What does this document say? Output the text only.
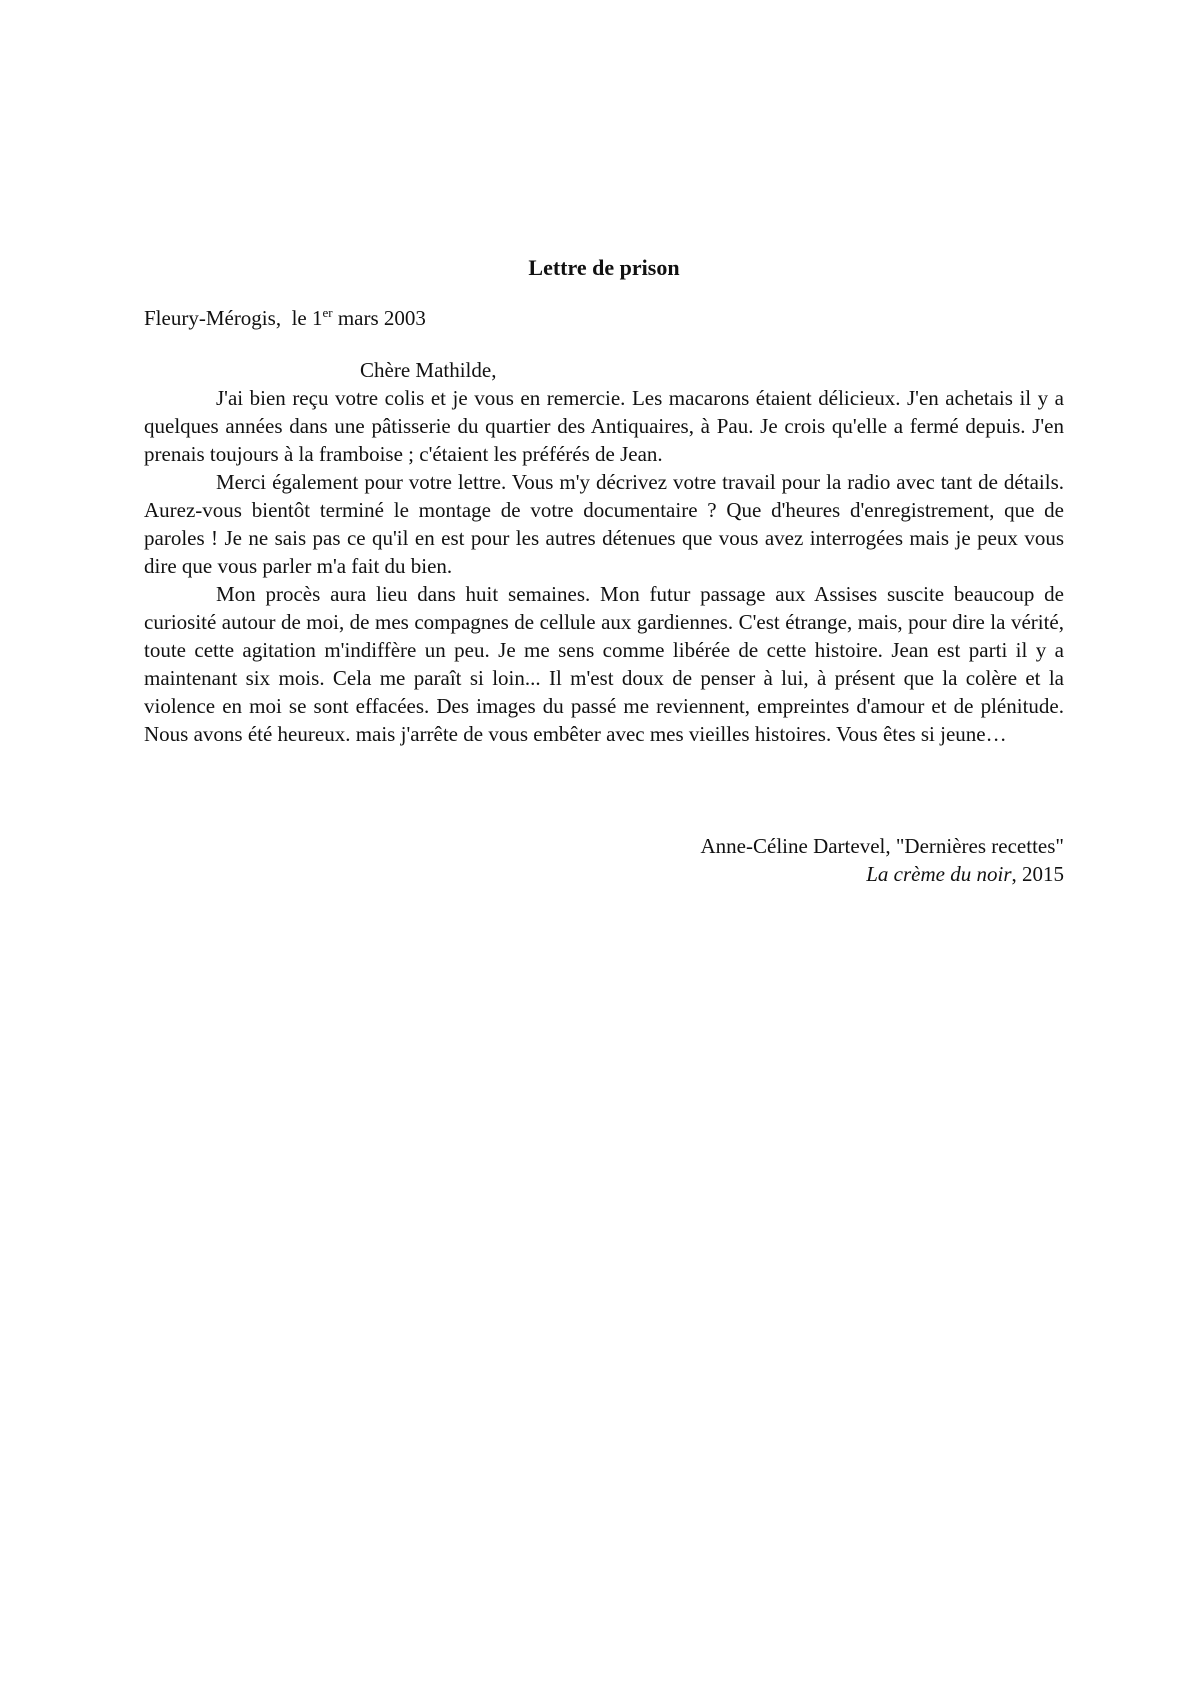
Lettre de prison
Fleury-Mérogis, le 1er mars 2003
Chère Mathilde,

J'ai bien reçu votre colis et je vous en remercie. Les macarons étaient délicieux. J'en achetais il y a quelques années dans une pâtisserie du quartier des Antiquaires, à Pau. Je crois qu'elle a fermé depuis. J'en prenais toujours à la framboise ; c'étaient les préférés de Jean.

Merci également pour votre lettre. Vous m'y décrivez votre travail pour la radio avec tant de détails. Aurez-vous bientôt terminé le montage de votre documentaire ? Que d'heures d'enregistrement, que de paroles ! Je ne sais pas ce qu'il en est pour les autres détenues que vous avez interrogées mais je peux vous dire que vous parler m'a fait du bien.

Mon procès aura lieu dans huit semaines. Mon futur passage aux Assises suscite beaucoup de curiosité autour de moi, de mes compagnes de cellule aux gardiennes. C'est étrange, mais, pour dire la vérité, toute cette agitation m'indiffère un peu. Je me sens comme libérée de cette histoire. Jean est parti il y a maintenant six mois. Cela me paraît si loin... Il m'est doux de penser à lui, à présent que la colère et la violence en moi se sont effacées. Des images du passé me reviennent, empreintes d'amour et de plénitude. Nous avons été heureux. mais j'arrête de vous embêter avec mes vieilles histoires. Vous êtes si jeune…

Anne-Céline Dartevel, "Dernières recettes"
La crème du noir, 2015
